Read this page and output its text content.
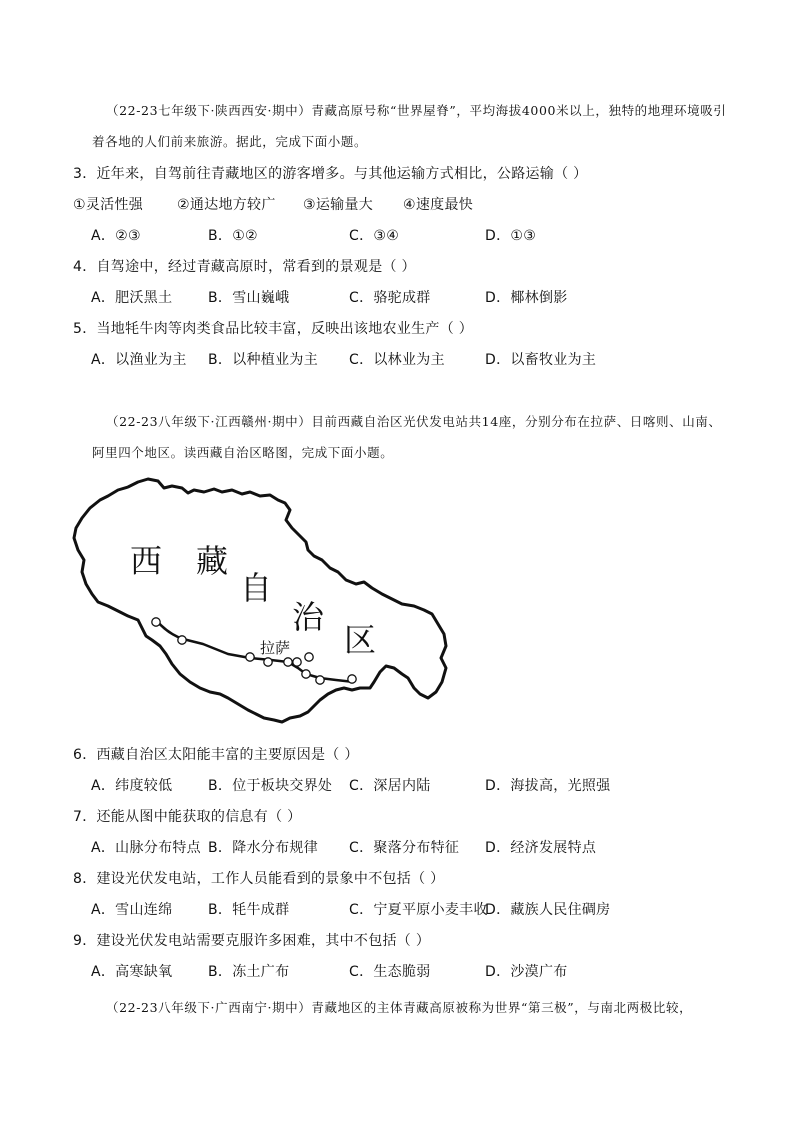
（22-23七年级下·陕西西安·期中）青藏高原号称“世界屋脊”，平均海拔4000米以上，独特的地理环境吸引着各地的人们前来旅游。据此，完成下面小题。

3．近年来，自驾前往青藏地区的游客增多。与其他运输方式相比，公路运输（ ）

①灵活性强 ②通达地方较广 ③运输量大 ④速度最快
A．②③	B．①②	C．③④	D．①③

4．自驾途中，经过青藏高原时，常看到的景观是（ ）

A．肥沃黑土	B．雪山巍峨	C．骆驼成群	D．椰林倒影

5．当地牦牛肉等肉类食品比较丰富，反映出该地农业生产（ ）

A．以渔业为主 B．以种植业为主 C．以林业为主	D．以畜牧业为主

（22-23八年级下·江西赣州·期中）目前西藏自治区光伏发电站共14座，分别分布在拉萨、日喀则、山南、阿里四个地区。读西藏自治区略图，完成下面小题。

西 藏
自
治
区
拉萨

6．西藏自治区太阳能丰富的主要原因是（ ）

A．纬度较低	B．位于板块交界处 C．深居内陆	D．海拔高，光照强

7．还能从图中能获取的信息有（ ）

A．山脉分布特点 B．降水分布规律 C．聚落分布特征 D．经济发展特点

8．建设光伏发电站，工作人员能看到的景象中不包括（ ）

A．雪山连绵	B．牦牛成群	C．宁夏平原小麦丰收
D．藏族人民住碉房

9．建设光伏发电站需要克服许多困难，其中不包括（ ）

A．高寒缺氧	B．冻土广布	C．生态脆弱	D．沙漠广布

（22-23八年级下·广西南宁·期中）青藏地区的主体青藏高原被称为世界“第三极”，与南北两极比较，
